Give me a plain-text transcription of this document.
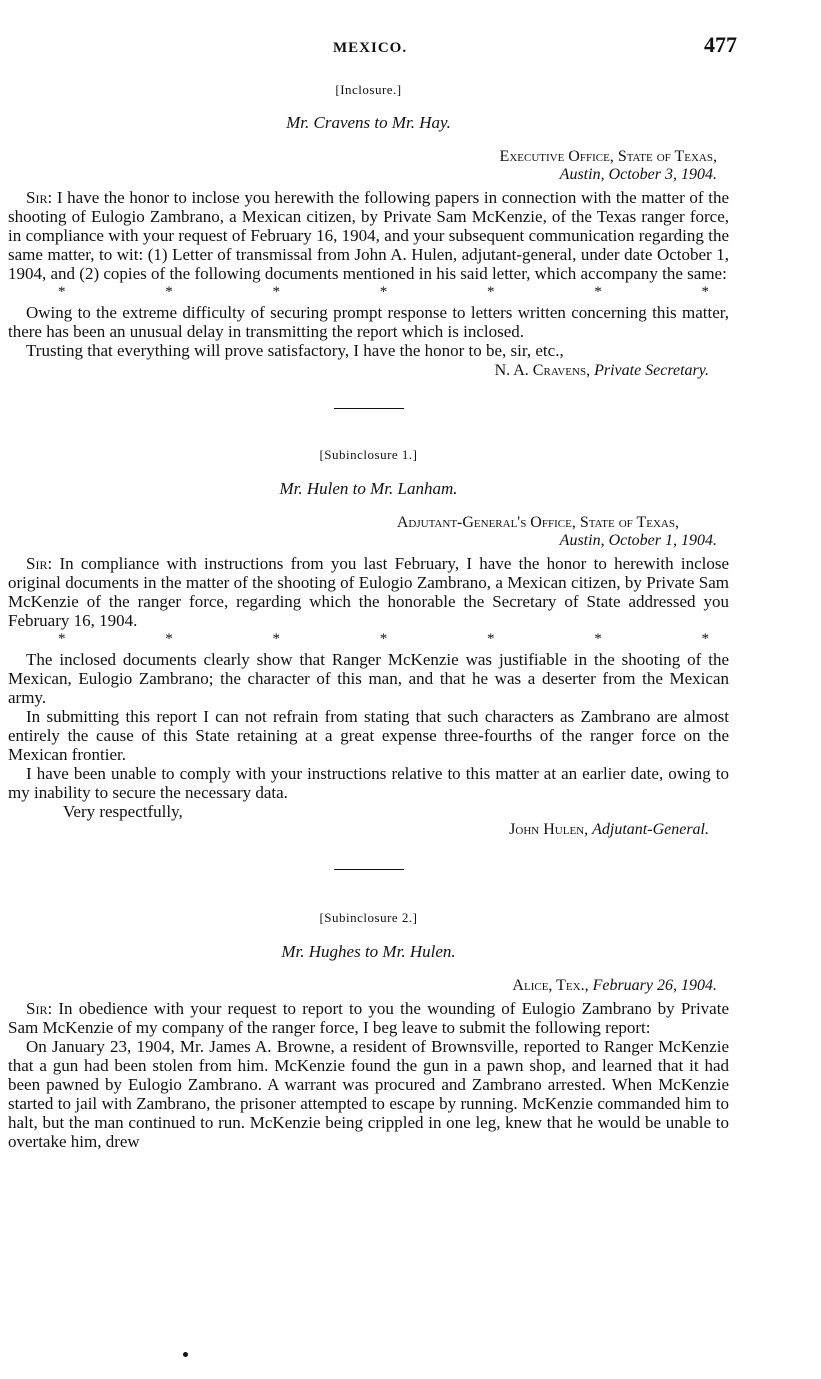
MEXICO.	477
[Inclosure.]
Mr. Cravens to Mr. Hay.
Executive Office, State of Texas,
Austin, October 3, 1904.

Sir: I have the honor to inclose you herewith the following papers in connection with the matter of the shooting of Eulogio Zambrano, a Mexican citizen, by Private Sam McKenzie, of the Texas ranger force, in compliance with your request of February 16, 1904, and your subsequent communication regarding the same matter, to wit: (1) Letter of transmissal from John A. Hulen, adjutant-general, under date October 1, 1904, and (2) copies of the following documents mentioned in his said letter, which accompany the same:

*	*	*	*	*	*	*

Owing to the extreme difficulty of securing prompt response to letters written concerning this matter, there has been an unusual delay in transmitting the report which is inclosed.

Trusting that everything will prove satisfactory, I have the honor to be, sir, etc.,

N. A. Cravens, Private Secretary.
[Subinclosure 1.]
Mr. Hulen to Mr. Lanham.
Adjutant-General's Office, State of Texas,
Austin, October 1, 1904.

Sir: In compliance with instructions from you last February, I have the honor to herewith inclose original documents in the matter of the shooting of Eulogio Zambrano, a Mexican citizen, by Private Sam McKenzie of the ranger force, regarding which the honorable the Secretary of State addressed you February 16, 1904.

*	*	*	*	*	*	*

The inclosed documents clearly show that Ranger McKenzie was justifiable in the shooting of the Mexican, Eulogio Zambrano; the character of this man, and that he was a deserter from the Mexican army.

In submitting this report I can not refrain from stating that such characters as Zambrano are almost entirely the cause of this State retaining at a great expense three-fourths of the ranger force on the Mexican frontier.

I have been unable to comply with your instructions relative to this matter at an earlier date, owing to my inability to secure the necessary data.

Very respectfully,
John Hulen, Adjutant-General.
[Subinclosure 2.]
Mr. Hughes to Mr. Hulen.
Alice, Tex., February 26, 1904.

Sir: In obedience with your request to report to you the wounding of Eulogio Zambrano by Private Sam McKenzie of my company of the ranger force, I beg leave to submit the following report:

On January 23, 1904, Mr. James A. Browne, a resident of Brownsville, reported to Ranger McKenzie that a gun had been stolen from him. McKenzie found the gun in a pawn shop, and learned that it had been pawned by Eulogio Zambrano. A warrant was procured and Zambrano arrested. When McKenzie started to jail with Zambrano, the prisoner attempted to escape by running. McKenzie commanded him to halt, but the man continued to run. McKenzie being crippled in one leg, knew that he would be unable to overtake him, drew
